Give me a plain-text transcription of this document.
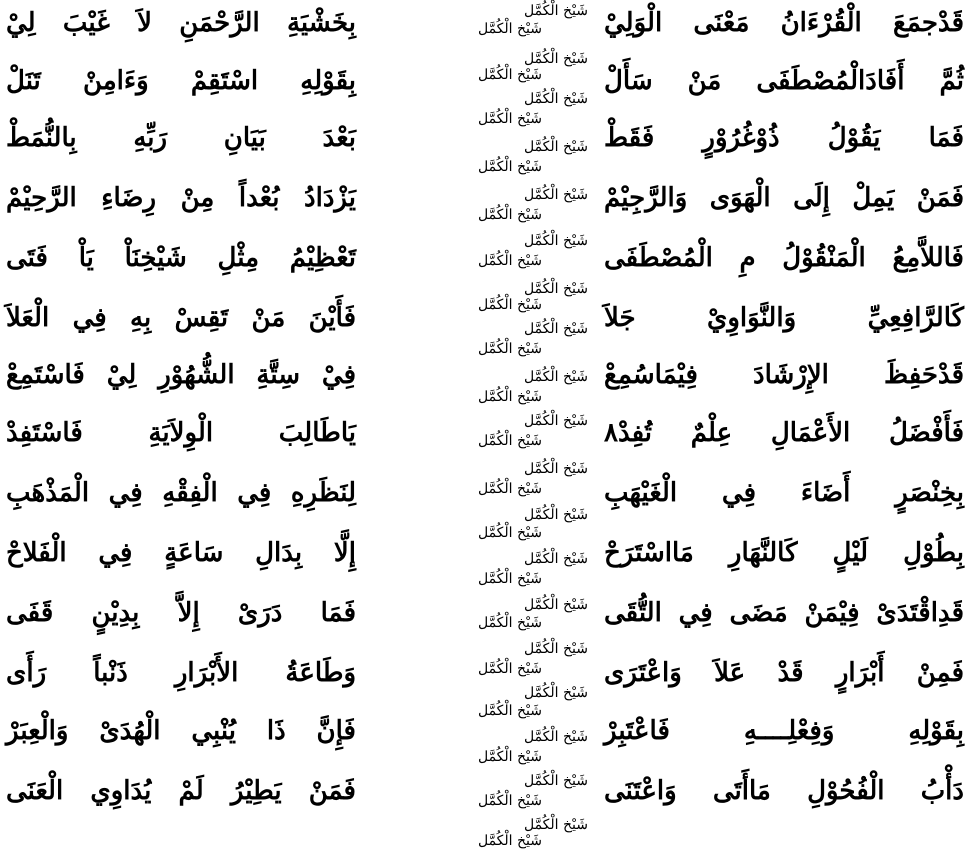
قَدْجمَعَ الْقُرْءَانُ مَعْنَى الْوَلِيْ
بِخَشْيَةِ الرَّحْمَنِ لاَ غَيْبَ لِيْ
ثُمَّ أَفَادَالْمُصْطَفَى مَنْ سَأَلْ
بِقَوْلِهِ اسْتَقِمْ وَءَامِنْ تَنَلْ
فَمَا يَقُوْلُ ذُوْغُرُوْرٍ فَقَطْ
بَعْدَ بَيَانِ رَبِّهِ بِالنُّمَطْ
فَمَنْ يَمِلْ إِلَى الْهَوَى وَالرَّجِيْمْ
يَزْدَادُ بُعْداً مِنْ رِضَاءِ الرَّحِيْمْ
فَاللاَّمِعُ الْمَنْقُوْلُ مِ الْمُصْطَفَى
تَعْظِيْمُ مِثْلِ شَيْخِنَاْ يَاْ فَتَى
كَالرَّافِعِيِّ وَالنَّوَاوِيْ جَلاَ
فَأَيْنَ مَنْ تَقِسْ بِهِ فِي الْعَلاَ
قَدْحَفِظَ الإِرْشَادَ فِيْمَاسُمِعْ
فِيْ سِتَّةِ الشُّهُوْرِ لِيْ فَاسْتَمِعْ
فَأَفْضَلُ الأَعْمَالِ عِلْمٌ تُفِدْ٨
يَاطَالِبَ الْوِلاَيَةِ فَاسْتَفِدْ
بِخِنْصَرٍ أَضَاءَ فِي الْغَيْهَبِ
لِنَظَرِهِ فِي الْفِقْهِ فِي الْمَذْهَبِ
بِطُوْلِ لَيْلٍ كَالنَّهَارِ مَااسْتَرَحْ
إِلَّا بِدَالِ سَاعَةٍ فِي الْفَلاحْ
قَدِاقْتَدَىْ فِيْمَنْ مَضَى فِي التُّقَى
فَمَا دَرَىْ إِلاَّ بِدِيْنٍ قَفَى
فَمِنْ أَبْرَارٍ قَدْ عَلاَ وَاعْتَرَى
وَطَاعَةُ الأَبْرَارِ ذَنْباً رَأَى
بِقَوْلِهِ وَفِعْلِــــهِ فَاعْتَبِرْ
فَإِنَّ ذَا يُنْبِي الْهُدَىْ وَالْعِبَرْ
دَأْبُ الْفُحُوْلِ مَاأَتَى وَاعْتَنَى
فَمَنْ يَطِيْرُ لَمْ يُدَاوِي الْعَنَى
شَيْخ الْكُمَّل
شَيْخ الْكُمَّل
شَيْخ الْكُمَّل
شَيْخ الْكُمَّل
شَيْخ الْكُمَّل
شَيْخ الْكُمَّل
شَيْخ الْكُمَّل
شَيْخ الْكُمَّل
شَيْخ الْكُمَّل
شَيْخ الْكُمَّل
شَيْخ الْكُمَّل
شَيْخ الْكُمَّل
شَيْخ الْكُمَّل
شَيْخ الْكُمَّل
شَيْخ الْكُمَّل
شَيْخ الْكُمَّل
شَيْخ الْكُمَّل
شَيْخ الْكُمَّل
شَيْخ الْكُمَّل
شَيْخ الْكُمَّل
شَيْخ الْكُمَّل
شَيْخ الْكُمَّل
شَيْخ الْكُمَّل
شَيْخ الْكُمَّل
شَيْخ الْكُمَّل
شَيْخ الْكُمَّل
شَيْخ الْكُمَّل
شَيْخ الْكُمَّل
شَيْخ الْكُمَّل
شَيْخ الْكُمَّل
شَيْخ الْكُمَّل
شَيْخ الْكُمَّل
شَيْخ الْكُمَّل
شَيْخ الْكُمَّل
شَيْخ الْكُمَّل
شَيْخ الْكُمَّل
شَيْخ الْكُمَّل
شَيْخ الْكُمَّل
